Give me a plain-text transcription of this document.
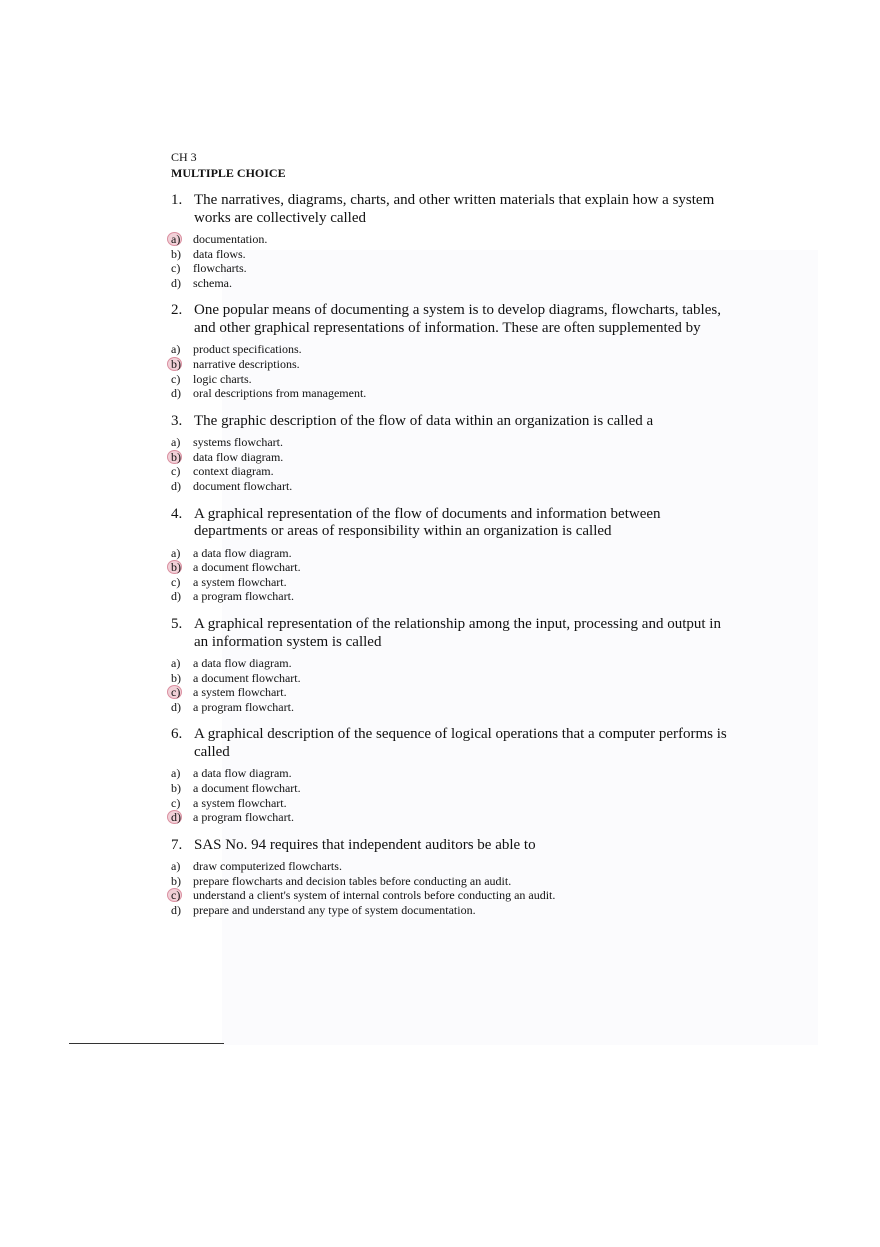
CH 3
MULTIPLE CHOICE
1. The narratives, diagrams, charts, and other written materials that explain how a system works are collectively called
a)	documentation.
b)	data flows.
c)	flowcharts.
d)	schema.
2. One popular means of documenting a system is to develop diagrams, flowcharts, tables, and other graphical representations of information. These are often supplemented by
a)	product specifications.
b)	narrative descriptions.
c)	logic charts.
d)	oral descriptions from management.
3. The graphic description of the flow of data within an organization is called a
a)	systems flowchart.
b)	data flow diagram.
c)	context diagram.
d)	document flowchart.
4. A graphical representation of the flow of documents and information between departments or areas of responsibility within an organization is called
a)	a data flow diagram.
b)	a document flowchart.
c)	a system flowchart.
d)	a program flowchart.
5. A graphical representation of the relationship among the input, processing and output in an information system is called
a)	a data flow diagram.
b)	a document flowchart.
c)	a system flowchart.
d)	a program flowchart.
6. A graphical description of the sequence of logical operations that a computer performs is called
a)	a data flow diagram.
b)	a document flowchart.
c)	a system flowchart.
d)	a program flowchart.
7. SAS No. 94 requires that independent auditors be able to
a)	draw computerized flowcharts.
b)	prepare flowcharts and decision tables before conducting an audit.
c)	understand a client's system of internal controls before conducting an audit.
d)	prepare and understand any type of system documentation.
